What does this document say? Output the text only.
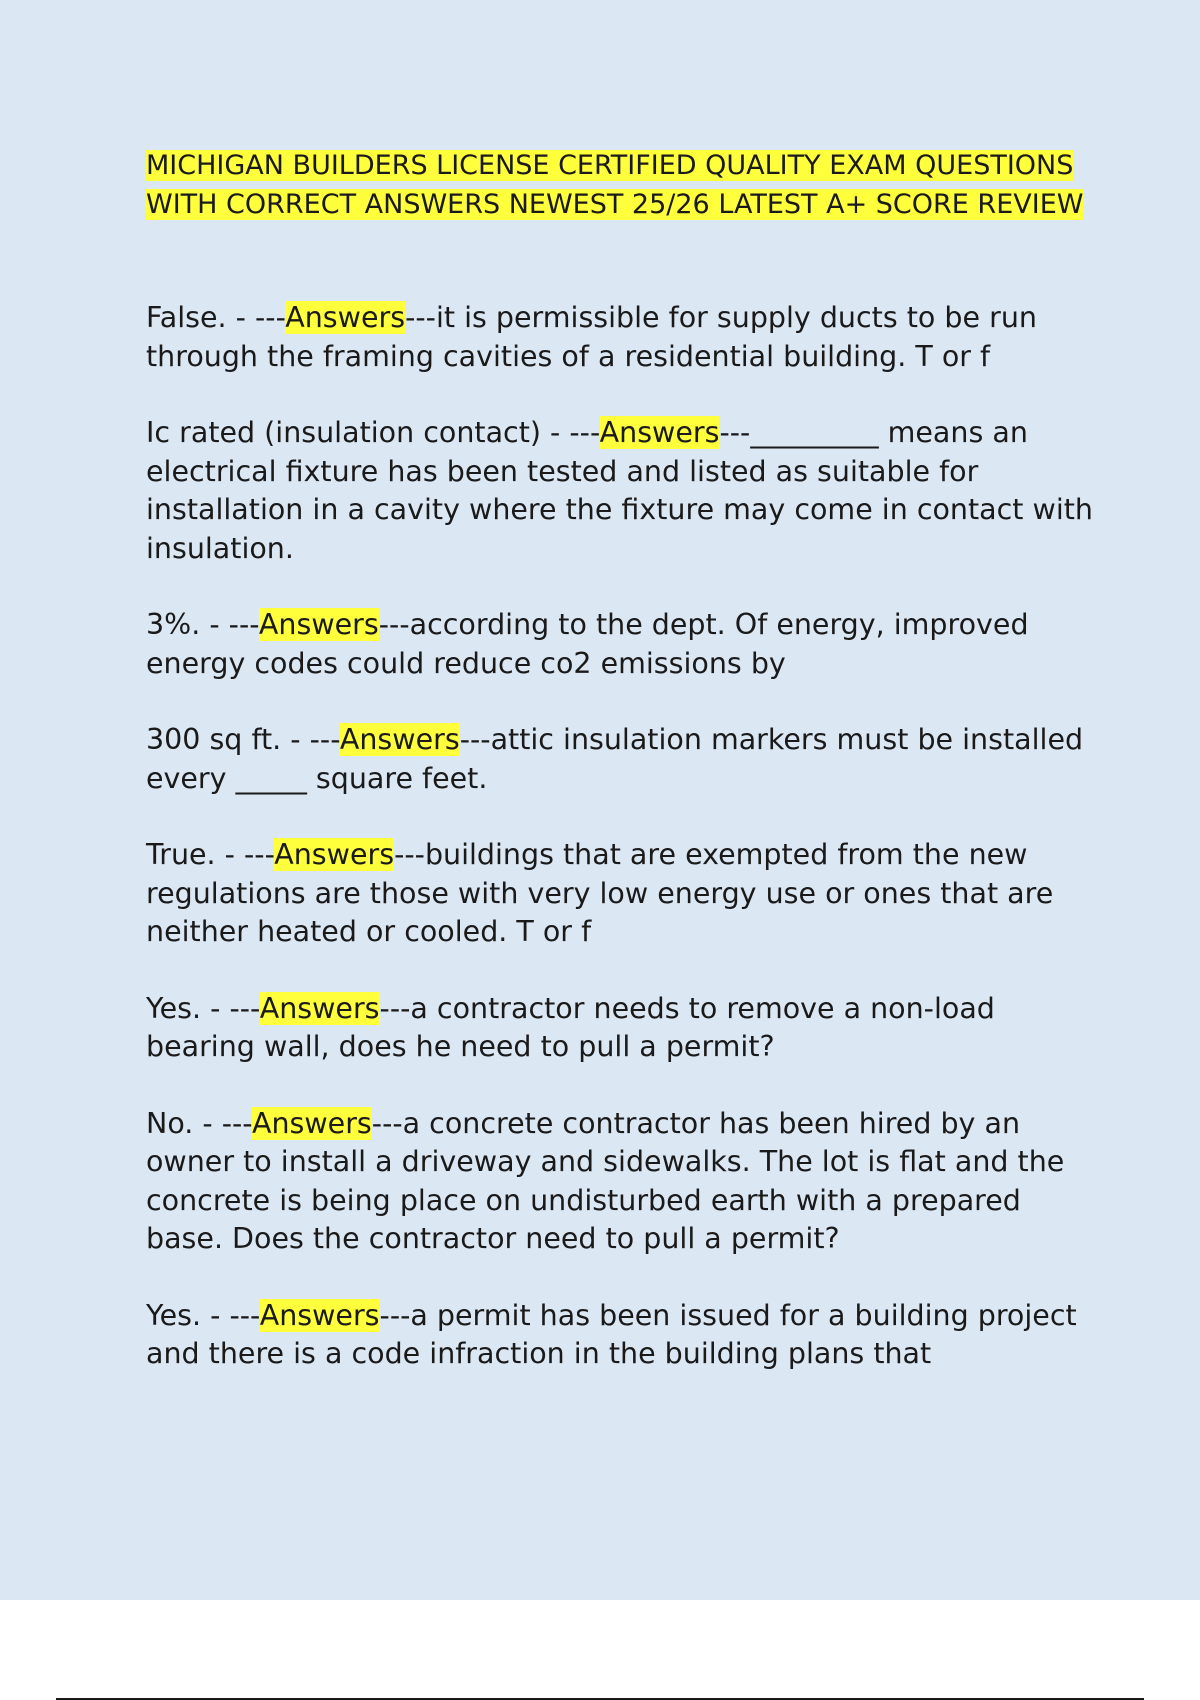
MICHIGAN BUILDERS LICENSE CERTIFIED QUALITY EXAM QUESTIONS WITH CORRECT ANSWERS NEWEST 25/26 LATEST A+ SCORE REVIEW

False. - ---Answers---it is permissible for supply ducts to be run through the framing cavities of a residential building. T or f

Ic rated (insulation contact) - ---Answers---_________ means an electrical fixture has been tested and listed as suitable for installation in a cavity where the fixture may come in contact with insulation.

3%. - ---Answers---according to the dept. Of energy, improved energy codes could reduce co2 emissions by

300 sq ft. - ---Answers---attic insulation markers must be installed every _____ square feet.

True. - ---Answers---buildings that are exempted from the new regulations are those with very low energy use or ones that are neither heated or cooled. T or f

Yes. - ---Answers---a contractor needs to remove a non-load bearing wall, does he need to pull a permit?

No. - ---Answers---a concrete contractor has been hired by an owner to install a driveway and sidewalks. The lot is flat and the concrete is being place on undisturbed earth with a prepared base. Does the contractor need to pull a permit?

Yes. - ---Answers---a permit has been issued for a building project and there is a code infraction in the building plans that
